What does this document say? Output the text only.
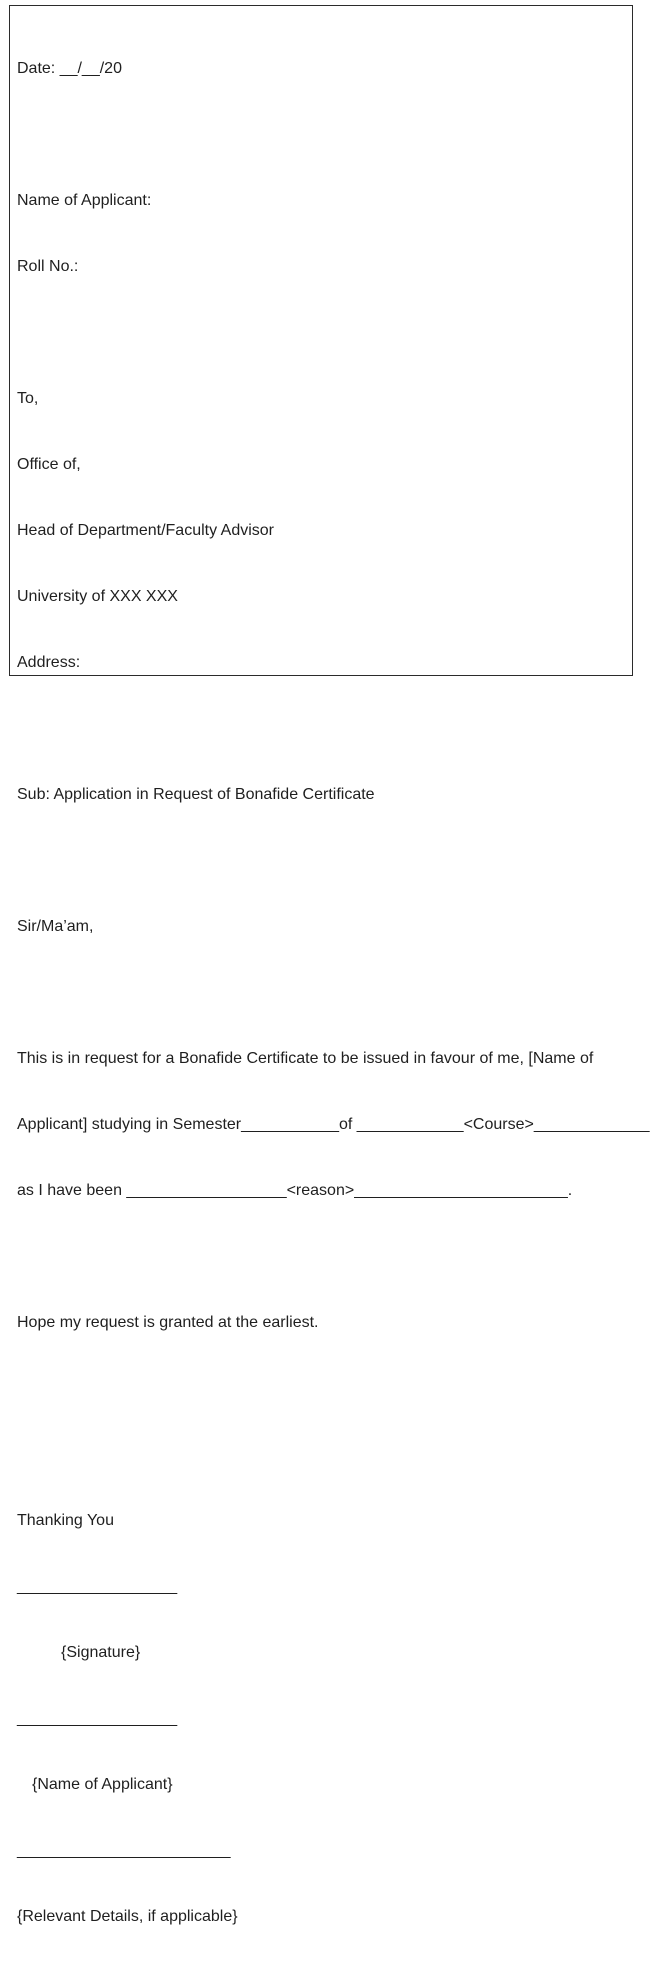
Date: __/__/20

Name of Applicant:

Roll No.:

To,

Office of,

Head of Department/Faculty Advisor

University of XXX XXX

Address:

Sub: Application in Request of Bonafide Certificate

Sir/Ma’am,

This is in request for a Bonafide Certificate to be issued in favour of me, [Name of

Applicant] studying in Semester___________of ____________<Course>_____________

as I have been __________________<reason>________________________.

Hope my request is granted at the earliest.

Thanking You

__________________

{Signature}

__________________

{Name of Applicant}

________________________

{Relevant Details, if applicable}
